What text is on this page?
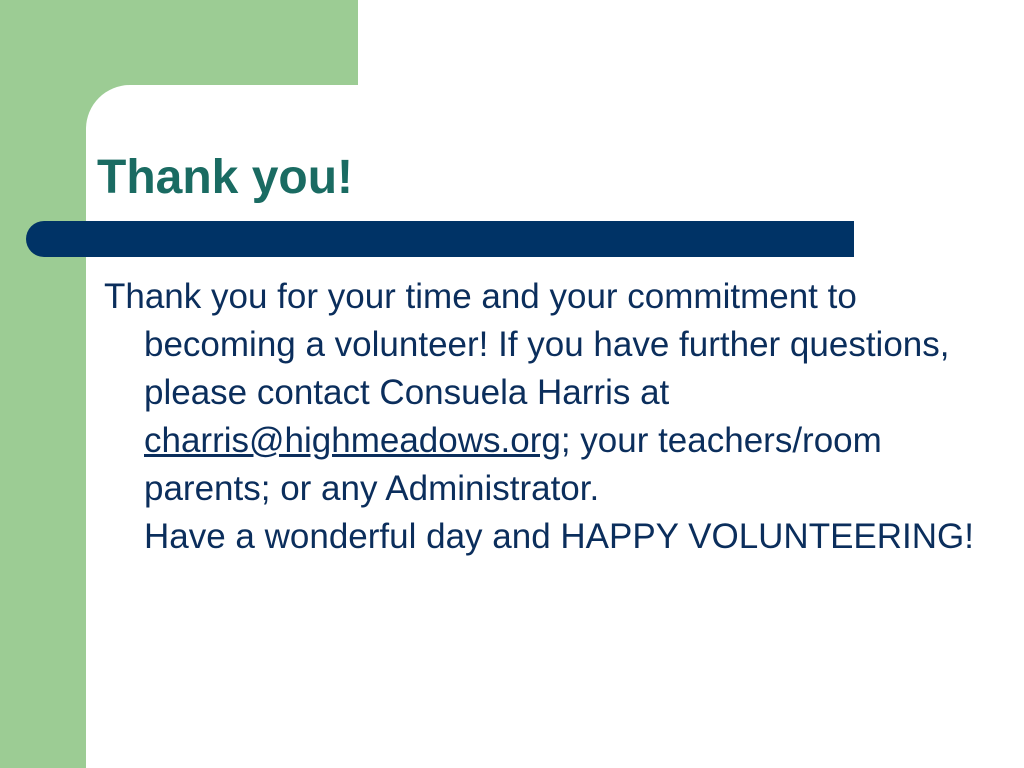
Thank you!

Thank you for your time and your commitment to becoming a volunteer! If you have further questions, please contact Consuela Harris at charris@highmeadows.org; your teachers/room parents; or any Administrator.
Have a wonderful day and HAPPY VOLUNTEERING!
